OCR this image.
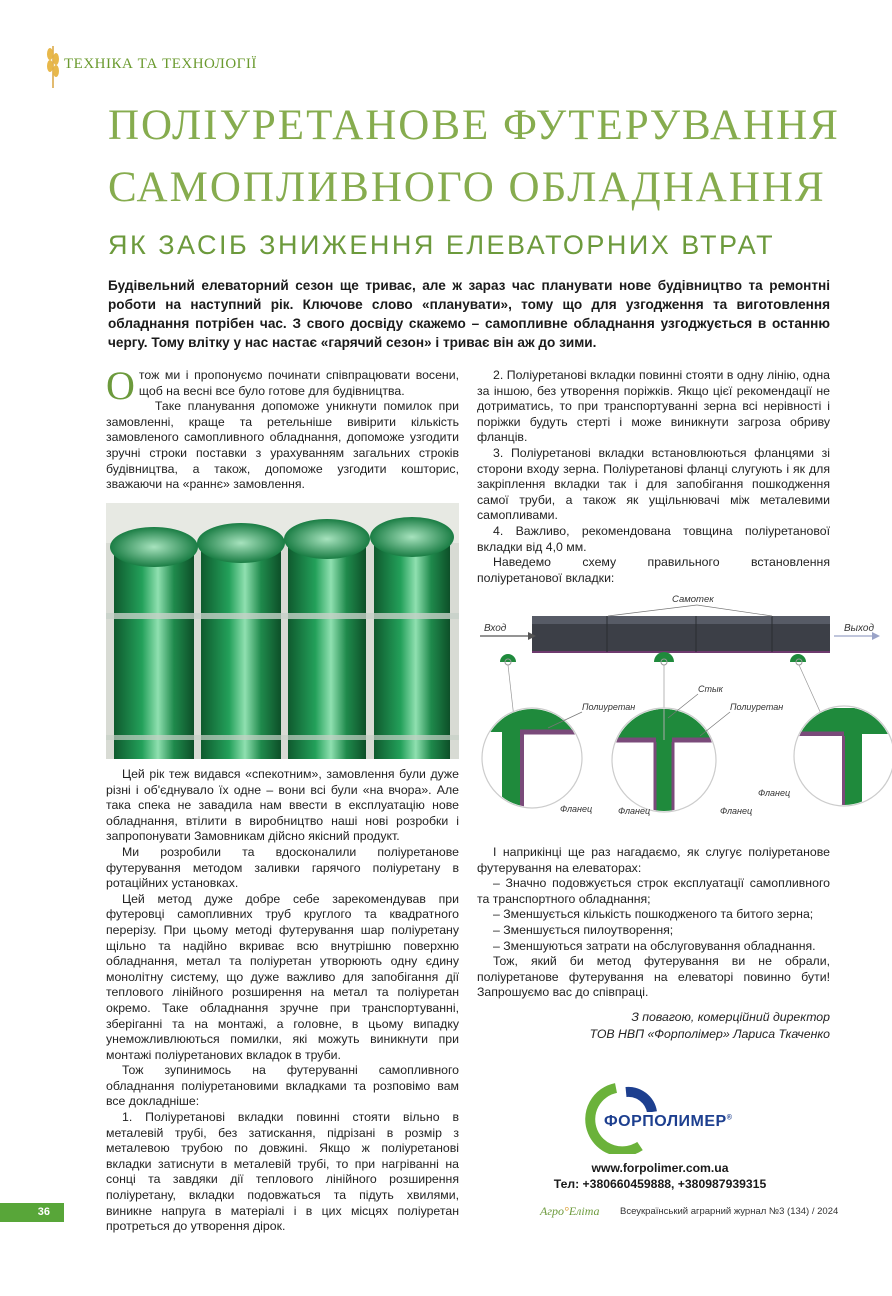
ТЕХНІКА ТА ТЕХНОЛОГІЇ
ПОЛІУРЕТАНОВЕ ФУТЕРУВАННЯ
САМОПЛИВНОГО ОБЛАДНАННЯ
ЯК ЗАСІБ ЗНИЖЕННЯ ЕЛЕВАТОРНИХ ВТРАТ
Будівельний елеваторний сезон ще триває, але ж зараз час планувати нове будівництво та ремонтні роботи на наступний рік. Ключове слово «планувати», тому що для узгодження та виготовлення обладнання потрібен час. З свого досвіду скажемо – самопливне обладнання узгоджується в останню чергу. Тому влітку у нас настає «гарячий сезон» і триває він аж до зими.

Отож ми і пропонуємо починати співпрацювати восени, щоб на весні все було готове для будівництва.

Таке планування допоможе уникнути помилок при замовленні, краще та ретельніше вивірити кількість замовленого самопливного обладнання, допоможе узгодити зручні строки поставки з урахуванням загальних строків будівництва, а також, допоможе узгодити кошторис, зважаючи на «раннє» замовлення.

Цей рік теж видався «спекотним», замовлення були дуже різні і об'єднувало їх одне – вони всі були «на вчора». Але така спека не завадила нам ввести в експлуатацію нове обладнання, втілити в виробництво наші нові розробки і запропонувати Замовникам дійсно якісний продукт.

Ми розробили та вдосконалили поліуретанове футерування методом заливки гарячого поліуретану в ротаційних установках.

Цей метод дуже добре себе зарекомендував при футеровці самопливних труб круглого та квадратного перерізу. При цьому методі футерування шар поліуретану щільно та надійно вкриває всю внутрішню поверхню обладнання, метал та поліуретан утворюють одну єдину монолітну систему, що дуже важливо для запобігання дії теплового лінійного розширення на метал та поліуретан окремо. Таке обладнання зручне при транспортуванні, зберіганні та на монтажі, а головне, в цьому випадку унеможливлюються помилки, які можуть виникнути при монтажі поліуретанових вкладок в труби.

Тож зупинимось на футеруванні самопливного обладнання поліуретановими вкладками та розповімо вам все докладніше:

1. Поліуретанові вкладки повинні стояти вільно в металевій трубі, без затискання, підрізані в розмір з металевою трубою по довжині. Якщо ж поліуретанові вкладки затиснути в металевій трубі, то при нагріванні на сонці та завдяки дії теплового лінійного розширення поліуретану, вкладки подовжаться та підуть хвилями, виникне напруга в матеріалі і в цих місцях поліуретан протреться до утворення дірок.

2. Поліуретанові вкладки повинні стояти в одну лінію, одна за іншою, без утворення поріжків. Якщо цієї рекомендації не дотриматись, то при транспортуванні зерна всі нерівності і поріжки будуть стерті і може виникнути загроза обриву фланців.

3. Поліуретанові вкладки встановлюються фланцями зі сторони входу зерна. Поліуретанові фланці слугують і як для закріплення вкладки так і для запобігання пошкодження самої труби, а також як ущільнювачі між металевими самопливами.

4. Важливо, рекомендована товщина поліуретанової вкладки від 4,0 мм.

Наведемо схему правильного встановлення поліуретанової вкладки:

Вход	Выход
Самотек
Стык
Полиуретан	Полиуретан
Фланец	Фланец	Фланец
Фланец

І наприкінці ще раз нагадаємо, як слугує поліуретанове футерування на елеваторах:

– Значно подовжується строк експлуатації самопливного та транспортного обладнання;

– Зменшується кількість пошкодженого та битого зерна;

– Зменшується пилоутворення;

– Зменшуються затрати на обслуговування обладнання.

Тож, який би метод футерування ви не обрали, поліуретанове футерування на елеваторі повинно бути! Запрошуємо вас до співпраці.

З повагою, комерційний директор
ТОВ НВП «Форполімер» Лариса Ткаченко
ФОРПОЛИМЕР®
www.forpolimer.com.ua
Тел: +380660459888, +380987939315
36	Агро°Еліта Всеукраїнський аграрний журнал №3 (134) / 2024
